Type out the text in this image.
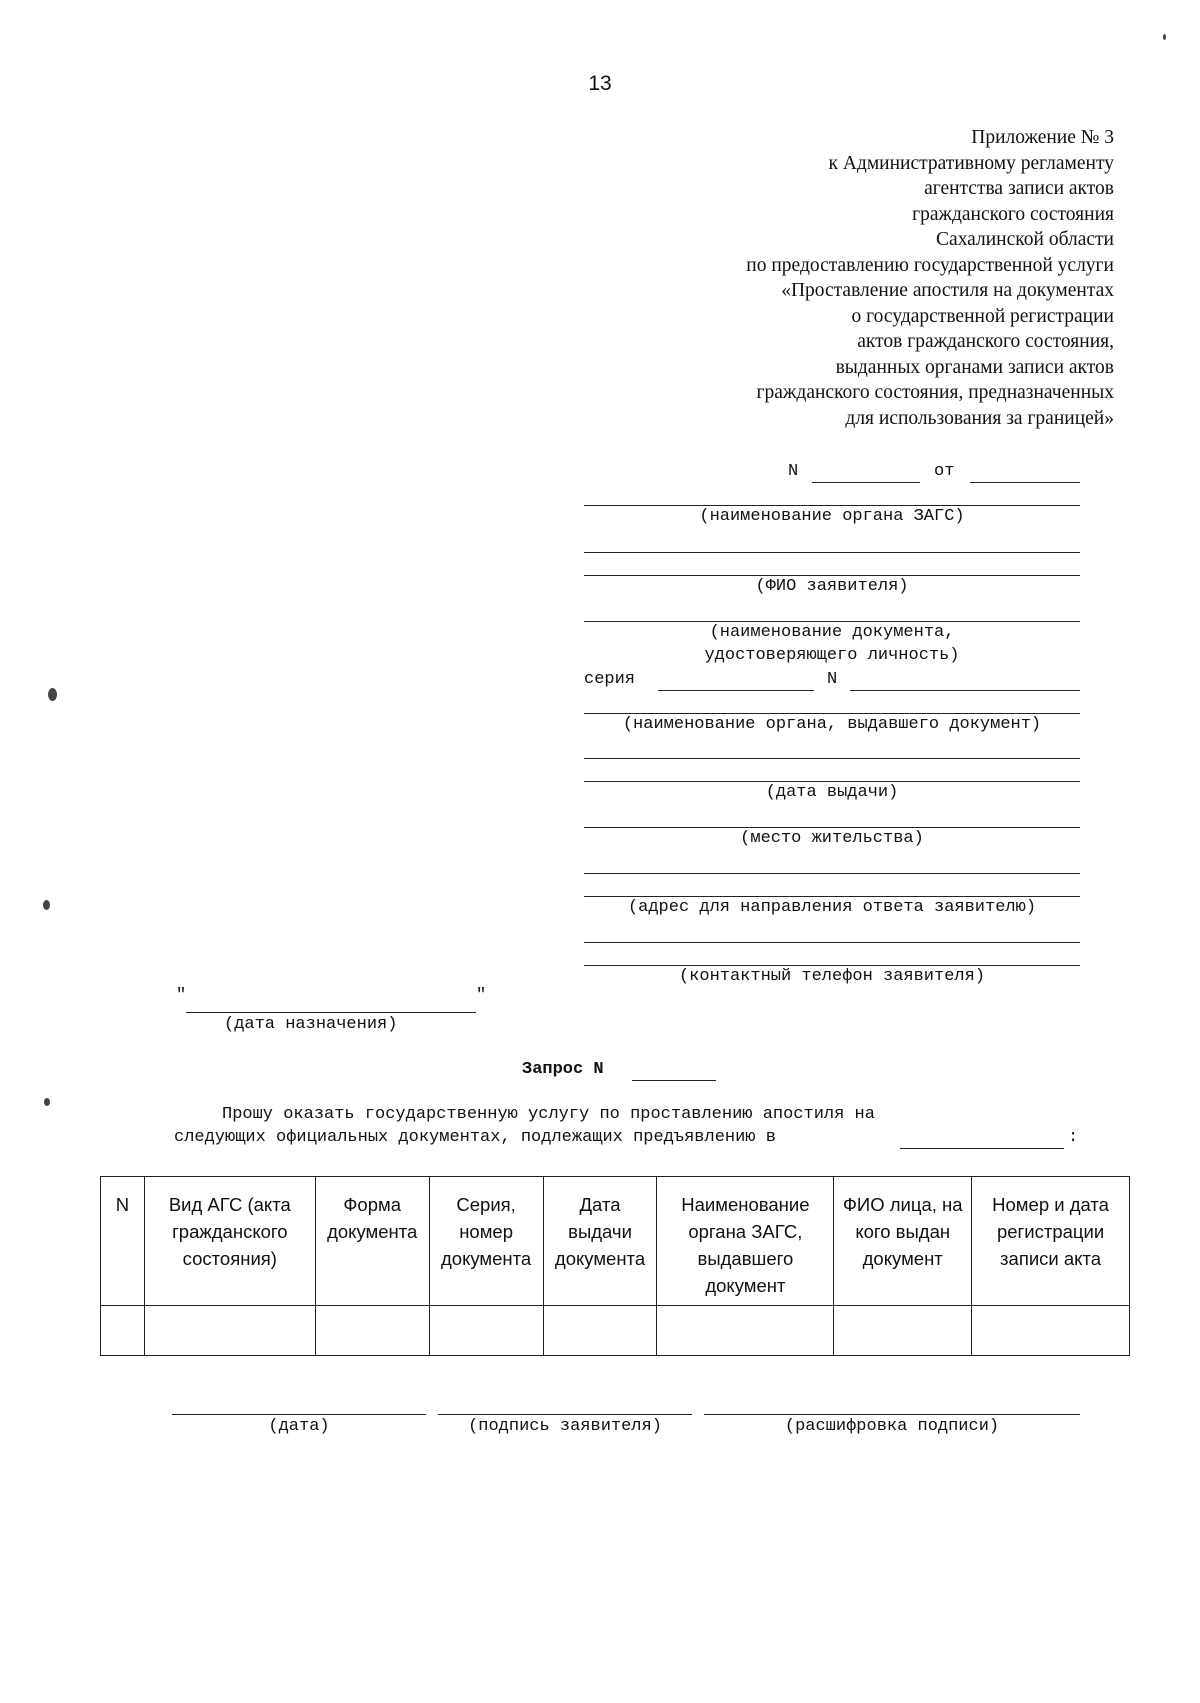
13
Приложение № 3
к Административному регламенту
агентства записи актов
гражданского состояния
Сахалинской области
по предоставлению государственной услуги
«Проставление апостиля на документах
о государственной регистрации
актов гражданского состояния,
выданных органами записи актов
гражданского состояния, предназначенных
для использования за границей»
N	от
(наименование органа ЗАГС)
(ФИО заявителя)
(наименование документа,
удостоверяющего личность)
серия	N
(наименование органа, выдавшего документ)
(дата выдачи)
(место жительства)
(адрес для направления ответа заявителю)
(контактный телефон заявителя)
"	"
(дата назначения)
Запрос N
Прошу оказать государственную услугу по проставлению апостиля на
следующих официальных документах, подлежащих предъявлению в	:
N	Вид АГС (акта гражданского состояния)	Форма документа	Серия, номер документа	Дата выдачи документа	Наименование органа ЗАГС, выдавшего документ	ФИО лица, на кого выдан документ	Номер и дата регистрации записи акта

(дата)	(подпись заявителя)	(расшифровка подписи)
